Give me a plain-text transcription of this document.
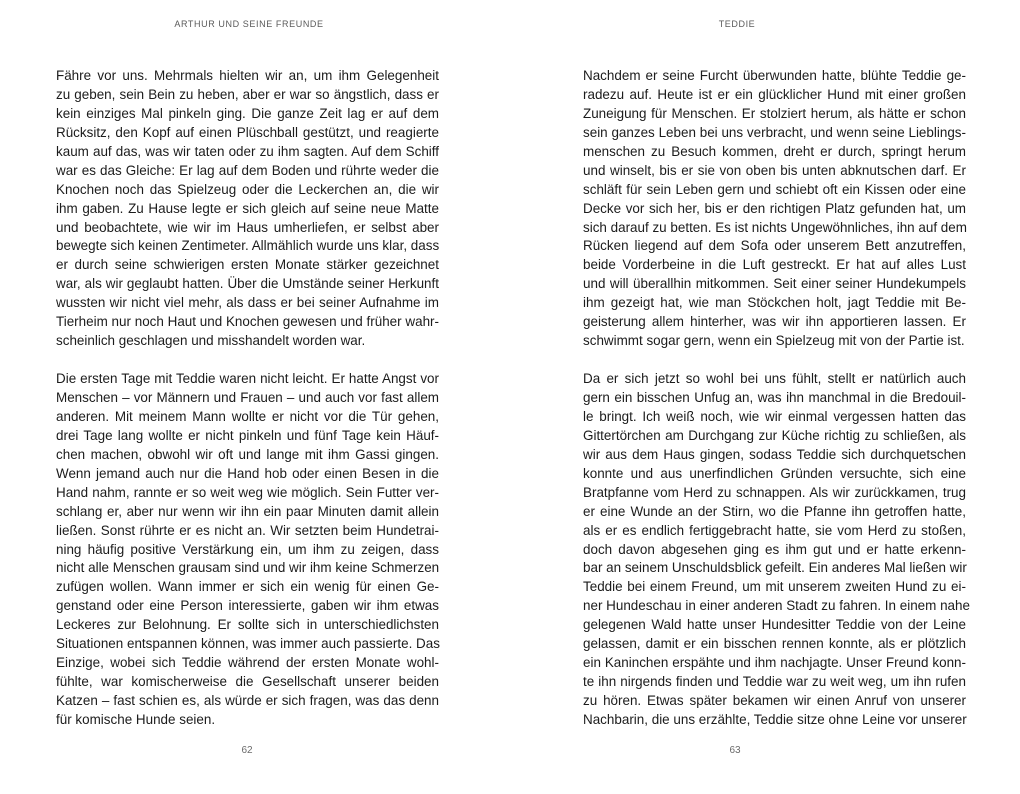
ARTHUR UND SEINE FREUNDE
Fähre vor uns. Mehrmals hielten wir an, um ihm Gelegenheit
zu geben, sein Bein zu heben, aber er war so ängstlich, dass er
kein einziges Mal pinkeln ging. Die ganze Zeit lag er auf dem
Rücksitz, den Kopf auf einen Plüschball gestützt, und reagierte
kaum auf das, was wir taten oder zu ihm sagten. Auf dem Schiff
war es das Gleiche: Er lag auf dem Boden und rührte weder die
Knochen noch das Spielzeug oder die Leckerchen an, die wir
ihm gaben. Zu Hause legte er sich gleich auf seine neue Matte
und beobachtete, wie wir im Haus umherliefen, er selbst aber
bewegte sich keinen Zentimeter. Allmählich wurde uns klar, dass
er durch seine schwierigen ersten Monate stärker gezeichnet
war, als wir geglaubt hatten. Über die Umstände seiner Herkunft
wussten wir nicht viel mehr, als dass er bei seiner Aufnahme im
Tierheim nur noch Haut und Knochen gewesen und früher wahr-
scheinlich geschlagen und misshandelt worden war.
Die ersten Tage mit Teddie waren nicht leicht. Er hatte Angst vor
Menschen – vor Männern und Frauen – und auch vor fast allem
anderen. Mit meinem Mann wollte er nicht vor die Tür gehen,
drei Tage lang wollte er nicht pinkeln und fünf Tage kein Häuf-
chen machen, obwohl wir oft und lange mit ihm Gassi gingen.
Wenn jemand auch nur die Hand hob oder einen Besen in die
Hand nahm, rannte er so weit weg wie möglich. Sein Futter ver-
schlang er, aber nur wenn wir ihn ein paar Minuten damit allein
ließen. Sonst rührte er es nicht an. Wir setzten beim Hundetrai-
ning häufig positive Verstärkung ein, um ihm zu zeigen, dass
nicht alle Menschen grausam sind und wir ihm keine Schmerzen
zufügen wollen. Wann immer er sich ein wenig für einen Ge-
genstand oder eine Person interessierte, gaben wir ihm etwas
Leckeres zur Belohnung. Er sollte sich in unterschiedlichsten
Situationen entspannen können, was immer auch passierte. Das
Einzige, wobei sich Teddie während der ersten Monate wohl-
fühlte, war komischerweise die Gesellschaft unserer beiden
Katzen – fast schien es, als würde er sich fragen, was das denn
für komische Hunde seien.
62
TEDDIE
Nachdem er seine Furcht überwunden hatte, blühte Teddie ge-
radezu auf. Heute ist er ein glücklicher Hund mit einer großen
Zuneigung für Menschen. Er stolziert herum, als hätte er schon
sein ganzes Leben bei uns verbracht, und wenn seine Lieblings-
menschen zu Besuch kommen, dreht er durch, springt herum
und winselt, bis er sie von oben bis unten abknutschen darf. Er
schläft für sein Leben gern und schiebt oft ein Kissen oder eine
Decke vor sich her, bis er den richtigen Platz gefunden hat, um
sich darauf zu betten. Es ist nichts Ungewöhnliches, ihn auf dem
Rücken liegend auf dem Sofa oder unserem Bett anzutreffen,
beide Vorderbeine in die Luft gestreckt. Er hat auf alles Lust
und will überallhin mitkommen. Seit einer seiner Hundekumpels
ihm gezeigt hat, wie man Stöckchen holt, jagt Teddie mit Be-
geisterung allem hinterher, was wir ihn apportieren lassen. Er
schwimmt sogar gern, wenn ein Spielzeug mit von der Partie ist.
Da er sich jetzt so wohl bei uns fühlt, stellt er natürlich auch
gern ein bisschen Unfug an, was ihn manchmal in die Bredouil-
le bringt. Ich weiß noch, wie wir einmal vergessen hatten das
Gittertörchen am Durchgang zur Küche richtig zu schließen, als
wir aus dem Haus gingen, sodass Teddie sich durchquetschen
konnte und aus unerfindlichen Gründen versuchte, sich eine
Bratpfanne vom Herd zu schnappen. Als wir zurückkamen, trug
er eine Wunde an der Stirn, wo die Pfanne ihn getroffen hatte,
als er es endlich fertiggebracht hatte, sie vom Herd zu stoßen,
doch davon abgesehen ging es ihm gut und er hatte erkenn-
bar an seinem Unschuldsblick gefeilt. Ein anderes Mal ließen wir
Teddie bei einem Freund, um mit unserem zweiten Hund zu ei-
ner Hundeschau in einer anderen Stadt zu fahren. In einem nahe
gelegenen Wald hatte unser Hundesitter Teddie von der Leine
gelassen, damit er ein bisschen rennen konnte, als er plötzlich
ein Kaninchen erspähte und ihm nachjagte. Unser Freund konn-
te ihn nirgends finden und Teddie war zu weit weg, um ihn rufen
zu hören. Etwas später bekamen wir einen Anruf von unserer
Nachbarin, die uns erzählte, Teddie sitze ohne Leine vor unserer
63
